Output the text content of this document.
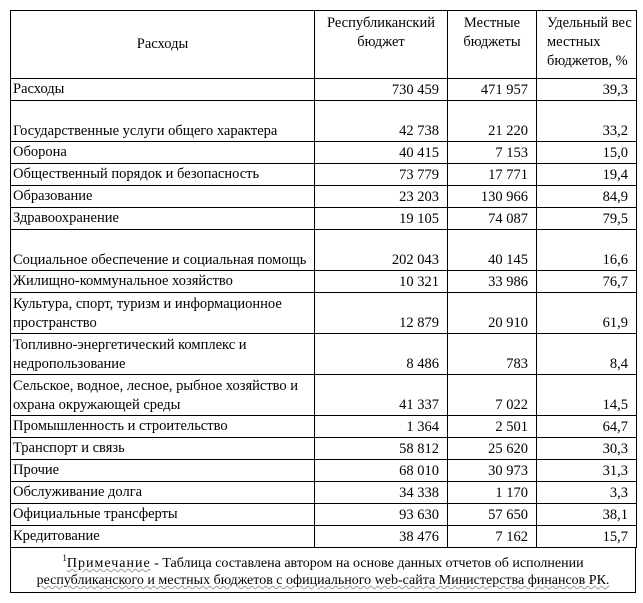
Расходы	Республиканский бюджет	Местные бюджеты	Удельный вес местных бюджетов, %
Расходы	730 459	471 957	39,3
Государственные услуги общего характера	42 738	21 220	33,2
Оборона	40 415	7 153	15,0
Общественный порядок и безопасность	73 779	17 771	19,4
Образование	23 203	130 966	84,9
Здравоохранение	19 105	74 087	79,5
Социальное обеспечение и социальная помощь	202 043	40 145	16,6
Жилищно-коммунальное хозяйство	10 321	33 986	76,7
Культура, спорт, туризм и информационное пространство	12 879	20 910	61,9
Топливно-энергетический комплекс и недропользование	8 486	783	8,4
Сельское, водное, лесное, рыбное хозяйство и охрана окружающей среды	41 337	7 022	14,5
Промышленность и строительство	1 364	2 501	64,7
Транспорт и связь	58 812	25 620	30,3
Прочие	68 010	30 973	31,3
Обслуживание долга	34 338	1 170	3,3
Официальные трансферты	93 630	57 650	38,1
Кредитование	38 476	7 162	15,7
$^1$Примечание - Таблица составлена автором на основе данных отчетов об исполнении
республиканского и местных бюджетов с официального web-сайта Министерства финансов РК.
